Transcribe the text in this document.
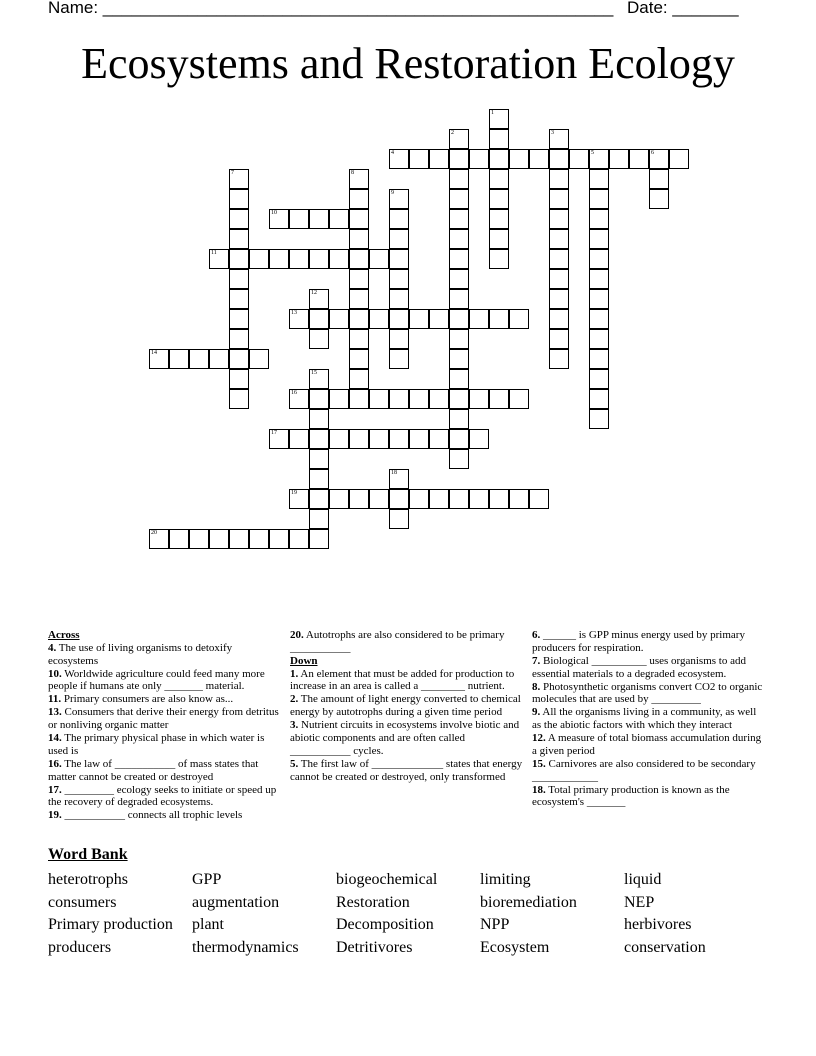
Name: ______________________________________________________ Date: _______
Ecosystems and Restoration Ecology
1
2	3
4	5	6
7	8
9
10
11
12
13
14
15
16
17
18
19
20
Across
4. The use of living organisms to detoxify ecosystems
10. Worldwide agriculture could feed many more people if humans ate only _______ material.
11. Primary consumers are also know as...
13. Consumers that derive their energy from detritus or nonliving organic matter
14. The primary physical phase in which water is used is
16. The law of ___________ of mass states that matter cannot be created or destroyed
17. _________ ecology seeks to initiate or speed up the recovery of degraded ecosystems.
19. ___________ connects all trophic levels
20. Autotrophs are also considered to be primary ___________
Down
1. An element that must be added for production to increase in an area is called a ________ nutrient.
2. The amount of light energy converted to chemical energy by autotrophs during a given time period
3. Nutrient circuits in ecosystems involve biotic and abiotic components and are often called ___________ cycles.
5. The first law of _____________ states that energy cannot be created or destroyed, only transformed
6. ______ is GPP minus energy used by primary producers for respiration.
7. Biological __________ uses organisms to add essential materials to a degraded ecosystem.
8. Photosynthetic organisms convert CO2 to organic molecules that are used by _________
9. All the organisms living in a community, as well as the abiotic factors with which they interact
12. A measure of total biomass accumulation during a given period
15. Carnivores are also considered to be secondary ____________
18. Total primary production is known as the ecosystem's _______
Word Bank
heterotrophs	GPP	biogeochemical	limiting	liquid
consumers	augmentation	Restoration	bioremediation	NEP
Primary production	plant	Decomposition	NPP	herbivores
producers	thermodynamics	Detritivores	Ecosystem	conservation
